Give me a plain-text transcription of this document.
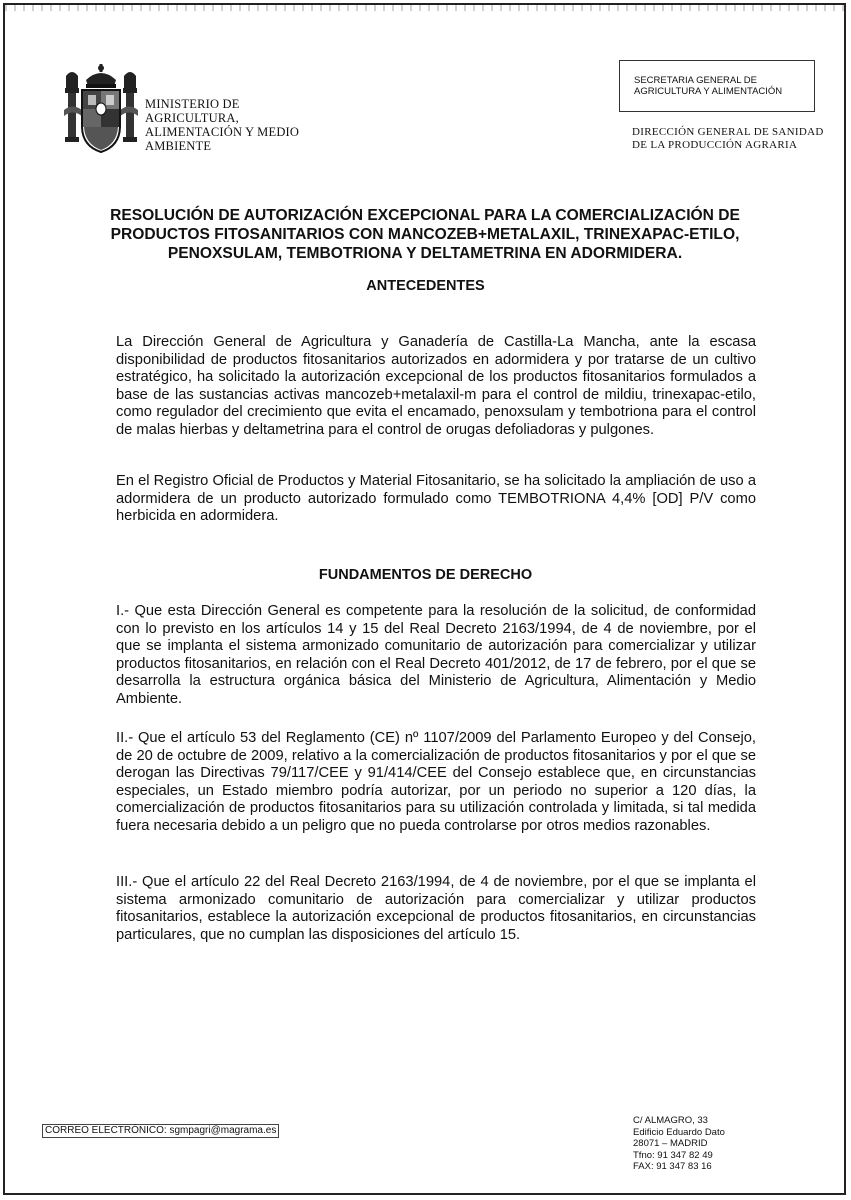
MINISTERIO DE
AGRICULTURA,
ALIMENTACIÓN Y MEDIO
AMBIENTE
SECRETARIA GENERAL DE
AGRICULTURA Y ALIMENTACIÓN
DIRECCIÓN GENERAL DE SANIDAD
DE LA PRODUCCIÓN AGRARIA
RESOLUCIÓN DE AUTORIZACIÓN EXCEPCIONAL PARA LA COMERCIALIZACIÓN DE PRODUCTOS FITOSANITARIOS CON MANCOZEB+METALAXIL, TRINEXAPAC-ETILO, PENOXSULAM, TEMBOTRIONA Y DELTAMETRINA EN ADORMIDERA.
ANTECEDENTES
La Dirección General de Agricultura y Ganadería de Castilla-La Mancha, ante la escasa disponibilidad de productos fitosanitarios autorizados en adormidera y por tratarse de un cultivo estratégico, ha solicitado la autorización excepcional de los productos fitosanitarios formulados a base de las sustancias activas mancozeb+metalaxil-m para el control de mildiu, trinexapac-etilo, como regulador del crecimiento que evita el encamado, penoxsulam y tembotriona para el control de malas hierbas y deltametrina para el control de orugas defoliadoras y pulgones.
En el Registro Oficial de Productos y Material Fitosanitario, se ha solicitado la ampliación de uso a adormidera de un producto autorizado formulado como TEMBOTRIONA 4,4% [OD] P/V como herbicida en adormidera.
FUNDAMENTOS DE DERECHO
I.- Que esta Dirección General es competente para la resolución de la solicitud, de conformidad con lo previsto en los artículos 14 y 15 del Real Decreto 2163/1994, de 4 de noviembre, por el que se implanta el sistema armonizado comunitario de autorización para comercializar y utilizar productos fitosanitarios, en relación con el Real Decreto 401/2012, de 17 de febrero, por el que se desarrolla la estructura orgánica básica del Ministerio de Agricultura, Alimentación y Medio Ambiente.
II.- Que el artículo 53 del Reglamento (CE) nº 1107/2009 del Parlamento Europeo y del Consejo, de 20 de octubre de 2009, relativo a la comercialización de productos fitosanitarios y por el que se derogan las Directivas 79/117/CEE y 91/414/CEE del Consejo establece que, en circunstancias especiales, un Estado miembro podría autorizar, por un periodo no superior a 120 días, la comercialización de productos fitosanitarios para su utilización controlada y limitada, si tal medida fuera necesaria debido a un peligro que no pueda controlarse por otros medios razonables.
III.- Que el artículo 22 del Real Decreto 2163/1994, de 4 de noviembre, por el que se implanta el sistema armonizado comunitario de autorización para comercializar y utilizar productos fitosanitarios, establece la autorización excepcional de productos fitosanitarios, en circunstancias particulares, que no cumplan las disposiciones del artículo 15.
CORREO ELECTRÓNICO: sgmpagri@magrama.es
C/ ALMAGRO, 33
Edificio Eduardo Dato
28071 – MADRID
Tfno: 91 347 82 49
FAX: 91 347 83 16
